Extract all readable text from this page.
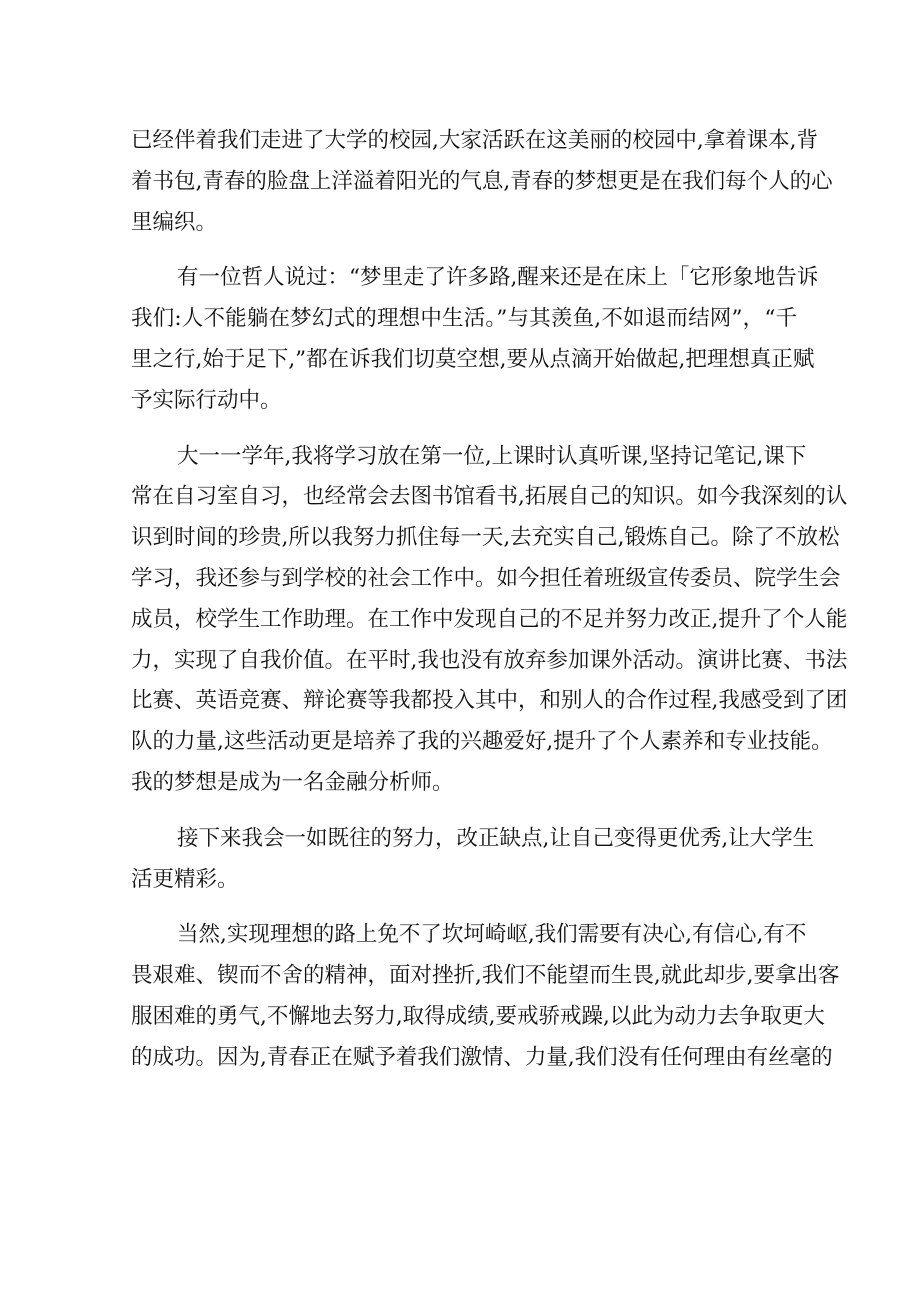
已经伴着我们走进了大学的校园,大家活跃在这美丽的校园中,拿着课本,背
着书包,青春的脸盘上洋溢着阳光的气息,青春的梦想更是在我们每个人的心
里编织。
有一位哲人说过：“梦里走了许多路,醒来还是在床上「它形象地告诉
我们:人不能躺在梦幻式的理想中生活。”与其羡鱼,不如退而结网”，“千
里之行,始于足下,”都在诉我们切莫空想,要从点滴开始做起,把理想真正赋
予实际行动中。
大一一学年,我将学习放在第一位,上课时认真听课,坚持记笔记,课下
常在自习室自习，也经常会去图书馆看书,拓展自己的知识。如今我深刻的认
识到时间的珍贵,所以我努力抓住每一天,去充实自己,锻炼自己。除了不放松
学习，我还参与到学校的社会工作中。如今担任着班级宣传委员、院学生会
成员，校学生工作助理。在工作中发现自己的不足并努力改正,提升了个人能
力，实现了自我价值。在平时,我也没有放弃参加课外活动。演讲比赛、书法
比赛、英语竞赛、辩论赛等我都投入其中，和别人的合作过程,我感受到了团
队的力量,这些活动更是培养了我的兴趣爱好,提升了个人素养和专业技能。
我的梦想是成为一名金融分析师。
接下来我会一如既往的努力，改正缺点,让自己变得更优秀,让大学生
活更精彩。
当然,实现理想的路上免不了坎坷崎岖,我们需要有决心,有信心,有不
畏艰难、锲而不舍的精神，面对挫折,我们不能望而生畏,就此却步,要拿出客
服困难的勇气,不懈地去努力,取得成绩,要戒骄戒躁,以此为动力去争取更大
的成功。因为,青春正在赋予着我们激情、力量,我们没有任何理由有丝毫的
